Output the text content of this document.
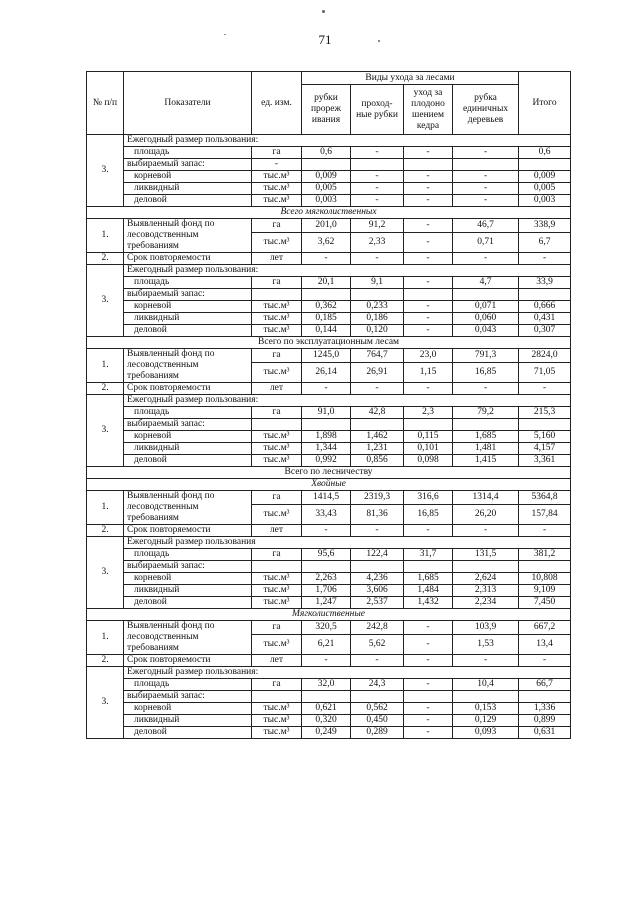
71
№ п/п	Показатели	ед. изм.	Виды ухода за лесами				Итого
			рубки прореж ивания	проход-ные рубки	уход за плодоно шением кедра	рубка единичных деревьев	
3.	Ежегодный размер пользования:						
	площадь	га	0,6	-	-	-	0,6
	выбираемый запас:	-					
	корневой	тыс.м³	0,009	-	-	-	0,009
	ликвидный	тыс.м³	0,005	-	-	-	0,005
	деловой	тыс.м³	0,003	-	-	-	0,003
Всего мягколиственных							
1.	Выявленный фонд по лесоводственным требованиям	га	201,0	91,2	-	46,7	338,9
		тыс.м³	3,62	2,33	-	0,71	6,7
2.	Срок повторяемости	лет	-	-	-	-	-
3.	Ежегодный размер пользования:						
	площадь	га	20,1	9,1	-	4,7	33,9
	выбираемый запас:						
	корневой	тыс.м³	0,362	0,233	-	0,071	0,666
	ликвидный	тыс.м³	0,185	0,186	-	0,060	0,431
	деловой	тыс.м³	0,144	0,120	-	0,043	0,307
Всего по эксплуатационным лесам							
1.	Выявленный фонд по лесоводственным требованиям	га	1245,0	764,7	23,0	791,3	2824,0
		тыс.м³	26,14	26,91	1,15	16,85	71,05
2.	Срок повторяемости	лет	-	-	-	-	-
3.	Ежегодный размер пользования:						
	площадь	га	91,0	42,8	2,3	79,2	215,3
	выбираемый запас:						
	корневой	тыс.м³	1,898	1,462	0,115	1,685	5,160
	ликвидный	тыс.м³	1,344	1,231	0,101	1,481	4,157
	деловой	тыс.м³	0,992	0,856	0,098	1,415	3,361
Всего по лесничеству							
Хвойные							
1.	Выявленный фонд по лесоводственным требованиям	га	1414,5	2319,3	316,6	1314,4	5364,8
		тыс.м³	33,43	81,36	16,85	26,20	157,84
2.	Срок повторяемости	лет	-	-	-	-	-
3.	Ежегодный размер пользования						
	площадь	га	95,6	122,4	31,7	131,5	381,2
	выбираемый запас:						
	корневой	тыс.м³	2,263	4,236	1,685	2,624	10,808
	ликвидный	тыс.м³	1,706	3,606	1,484	2,313	9,109
	деловой	тыс.м³	1,247	2,537	1,432	2,234	7,450
Мягколиственные							
1.	Выявленный фонд по лесоводственным требованиям	га	320,5	242,8	-	103,9	667,2
		тыс.м³	6,21	5,62	-	1,53	13,4
2.	Срок повторяемости	лет	-	-	-	-	-
3.	Ежегодный размер пользования:						
	площадь	га	32,0	24,3	-	10,4	66,7
	выбираемый запас:						
	корневой	тыс.м³	0,621	0,562	-	0,153	1,336
	ликвидный	тыс.м³	0,320	0,450	-	0,129	0,899
	деловой	тыс.м³	0,249	0,289	-	0,093	0,631
